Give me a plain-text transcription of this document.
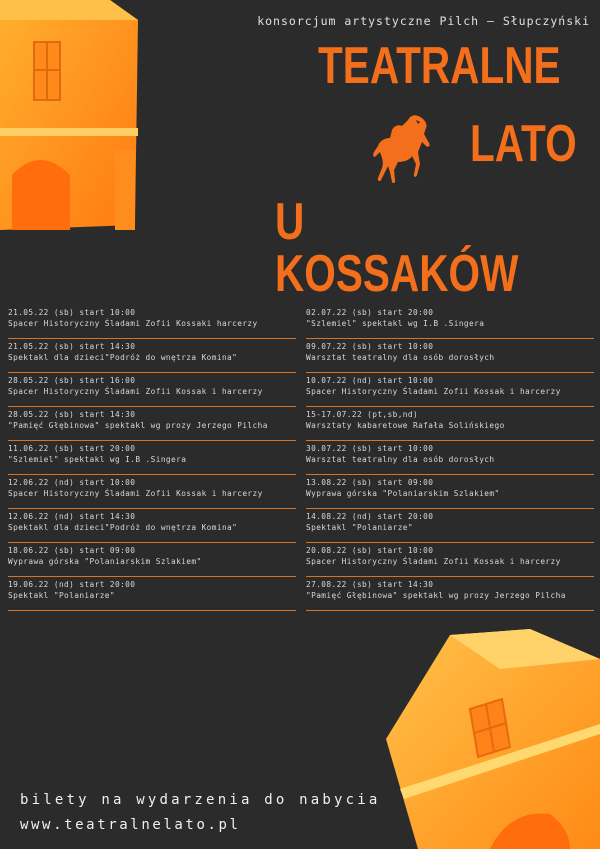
konsorcjum artystyczne Pilch – Słupczyński
TEATRALNE
LATO
U KOSSAKÓW
21.05.22 (sb) start 10:00
Spacer Historyczny Śladami Zofii Kossaki harcerzy
21.05.22 (sb) start 14:30
Spektakl dla dzieci"Podróż do wnętrza Komina"
28.05.22 (sb) start 16:00
Spacer Historyczny Śladami Zofii Kossak i harcerzy
28.05.22 (sb) start 14:30
"Pamięć Głębinowa" spektakl wg prozy Jerzego Pilcha
11.06.22 (sb) start 20:00
"Szlemiel" spektakl wg I.B .Singera
12.06.22 (nd) start 10:00
Spacer Historyczny Śladami Zofii Kossak i harcerzy
12.06.22 (nd) start 14:30
Spektakl dla dzieci"Podróż do wnętrza Komina"
18.06.22 (sb) start 09:00
Wyprawa górska "Polaniarskim Szlakiem"
19.06.22 (nd) start 20:00
Spektakl "Polaniarze"
02.07.22 (sb) start 20:00
"Szlemiel" spektakl wg I.B .Singera
09.07.22 (sb) start 10:00
Warsztat teatralny dla osób dorosłych
10.07.22 (nd) start 10:00
Spacer Historyczny Śladami Zofii Kossak i harcerzy
15-17.07.22 (pt,sb,nd)
Warsztaty kabaretowe Rafała Solińskiego
30.07.22 (sb) start 10:00
Warsztat teatralny dla osób dorosłych
13.08.22 (sb) start 09:00
Wyprawa górska "Polaniarskim Szlakiem"
14.08.22 (nd) start 20:00
Spektakl "Polaniarze"
20.08.22 (sb) start 10:00
Spacer Historyczny Śladami Zofii Kossak i harcerzy
27.08.22 (sb) start 14:30
"Pamięć Głębinowa" spektakl wg prozy Jerzego Pilcha
bilety na wydarzenia do nabycia
www.teatralnelato.pl
